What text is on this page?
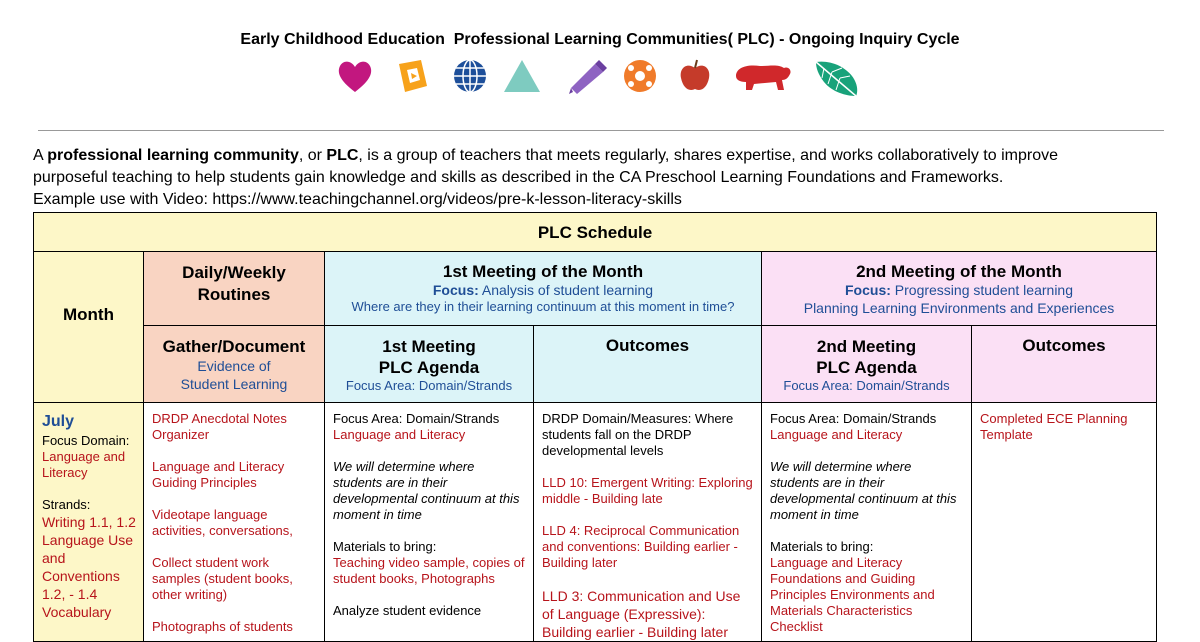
Early Childhood Education  Professional Learning Communities( PLC) - Ongoing Inquiry Cycle

A professional learning community, or PLC, is a group of teachers that meets regularly, shares expertise, and works collaboratively to improve

purposeful teaching to help students gain knowledge and skills as described in the CA Preschool Learning Foundations and Frameworks.

Example use with Video: https://www.teachingchannel.org/videos/pre-k-lesson-literacy-skills

PLC Schedule
Month
Daily/Weekly
Routines
1st Meeting of the Month
Focus: Analysis of student learning
Where are they in their learning continuum at this moment in time?
2nd Meeting of the Month
Focus: Progressing student learning
Planning Learning Environments and Experiences
Gather/Document
Evidence of
Student Learning
1st Meeting
PLC Agenda
Focus Area: Domain/Strands
Outcomes	2nd Meeting
PLC Agenda
Focus Area: Domain/Strands
Outcomes
July
Focus Domain:
Language and Literacy
Strands:
Writing 1.1, 1.2 Language Use and Conventions 1.2, - 1.4 Vocabulary

DRDP Anecdotal Notes Organizer

Language and Literacy Guiding Principles

Videotape language activities, conversations,

Collect student work samples (student books, other writing)

Photographs of students

Focus Area: Domain/Strands
Language and Literacy

We will determine where students are in their developmental continuum at this moment in time

Materials to bring:
Teaching video sample, copies of student books, Photographs

Analyze student evidence

DRDP Domain/Measures: Where students fall on the DRDP developmental levels

LLD 10: Emergent Writing: Exploring middle - Building late

LLD 4: Reciprocal Communication and conventions: Building earlier - Building later

LLD 3: Communication and Use of Language (Expressive): Building earlier - Building later

Focus Area: Domain/Strands
Language and Literacy

We will determine where students are in their developmental continuum at this moment in time

Materials to bring:
Language and Literacy Foundations and Guiding Principles Environments and Materials Characteristics Checklist

Completed ECE Planning Template
